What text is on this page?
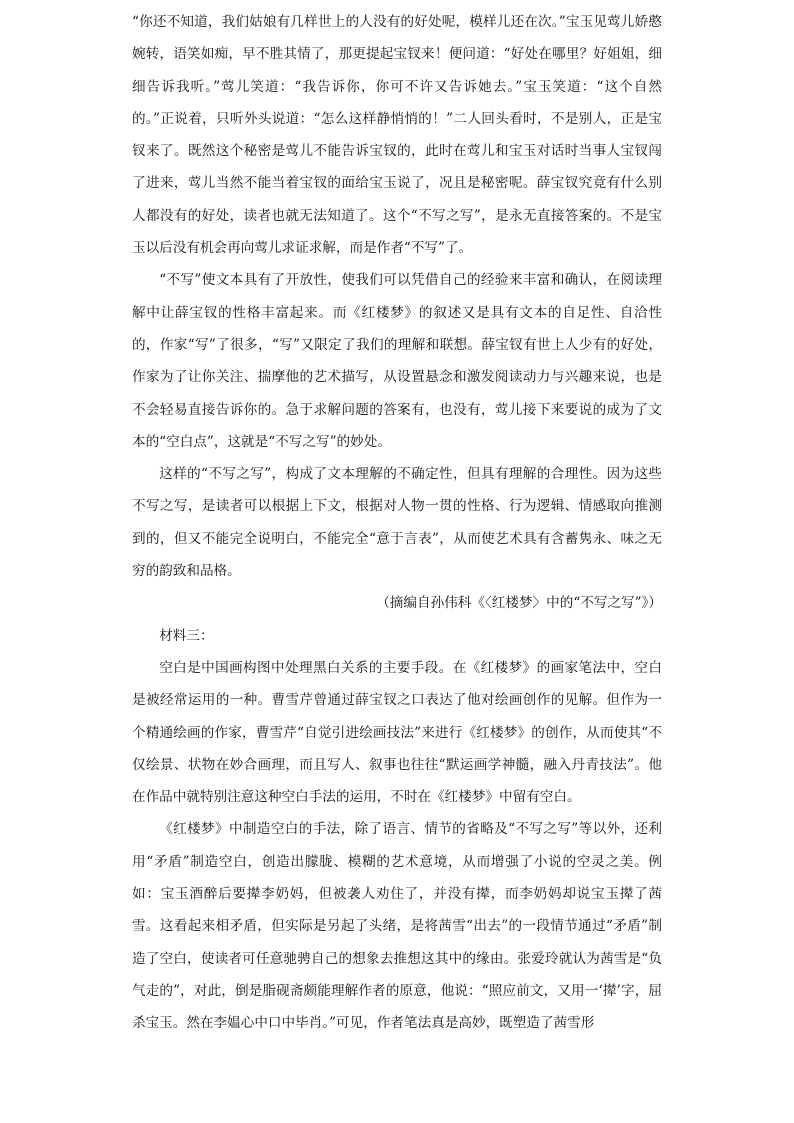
“你还不知道，我们姑娘有几样世上的人没有的好处呢，模样儿还在次。”宝玉见莺儿娇憨婉转，语笑如痴，早不胜其情了，那更提起宝钗来！便问道：“好处在哪里？好姐姐，细细告诉我听。”莺儿笑道：“我告诉你，你可不许又告诉她去。”宝玉笑道：“这个自然的。”正说着，只听外头说道：“怎么这样静悄悄的！”二人回头看时，不是别人，正是宝钗来了。既然这个秘密是莺儿不能告诉宝钗的，此时在莺儿和宝玉对话时当事人宝钗闯了进来，莺儿当然不能当着宝钗的面给宝玉说了，况且是秘密呢。薛宝钗究竟有什么别人都没有的好处，读者也就无法知道了。这个“不写之写”，是永无直接答案的。不是宝玉以后没有机会再向莺儿求证求解，而是作者“不写”了。

“不写”使文本具有了开放性，使我们可以凭借自己的经验来丰富和确认，在阅读理解中让薛宝钗的性格丰富起来。而《红楼梦》的叙述又是具有文本的自足性、自洽性的，作家“写”了很多，“写”又限定了我们的理解和联想。薛宝钗有世上人少有的好处，作家为了让你关注、揣摩他的艺术描写，从设置悬念和激发阅读动力与兴趣来说，也是不会轻易直接告诉你的。急于求解问题的答案有，也没有，莺儿接下来要说的成为了文本的“空白点”，这就是“不写之写”的妙处。

这样的“不写之写”，构成了文本理解的不确定性，但具有理解的合理性。因为这些不写之写，是读者可以根据上下文，根据对人物一贯的性格、行为逻辑、情感取向推测到的，但又不能完全说明白，不能完全“意于言表”，从而使艺术具有含蓄隽永、味之无穷的韵致和品格。

（摘编自孙伟科《〈红楼梦〉中的“不写之写”》）

材料三：

空白是中国画构图中处理黑白关系的主要手段。在《红楼梦》的画家笔法中，空白是被经常运用的一种。曹雪芹曾通过薛宝钗之口表达了他对绘画创作的见解。但作为一个精通绘画的作家，曹雪芹“自觉引进绘画技法”来进行《红楼梦》的创作，从而使其“不仅绘景、状物在妙合画理，而且写人、叙事也往往“默运画学神髓，融入丹青技法”。他在作品中就特别注意这种空白手法的运用，不时在《红楼梦》中留有空白。

《红楼梦》中制造空白的手法，除了语言、情节的省略及“不写之写”等以外，还利用“矛盾”制造空白，创造出朦胧、模糊的艺术意境，从而增强了小说的空灵之美。例如：宝玉酒醉后要撵李奶妈，但被袭人劝住了，并没有撵，而李奶妈却说宝玉撵了茜雪。这看起来相矛盾，但实际是另起了头绪，是将茜雪“出去”的一段情节通过“矛盾”制造了空白，使读者可任意驰骋自己的想象去推想这其中的缘由。张爱玲就认为茜雪是“负气走的”，对此，倒是脂砚斋颇能理解作者的原意，他说：“照应前文，又用一‘撵’字，屈杀宝玉。然在李媪心中口中毕肖。”可见，作者笔法真是高妙，既塑造了茜雪形
